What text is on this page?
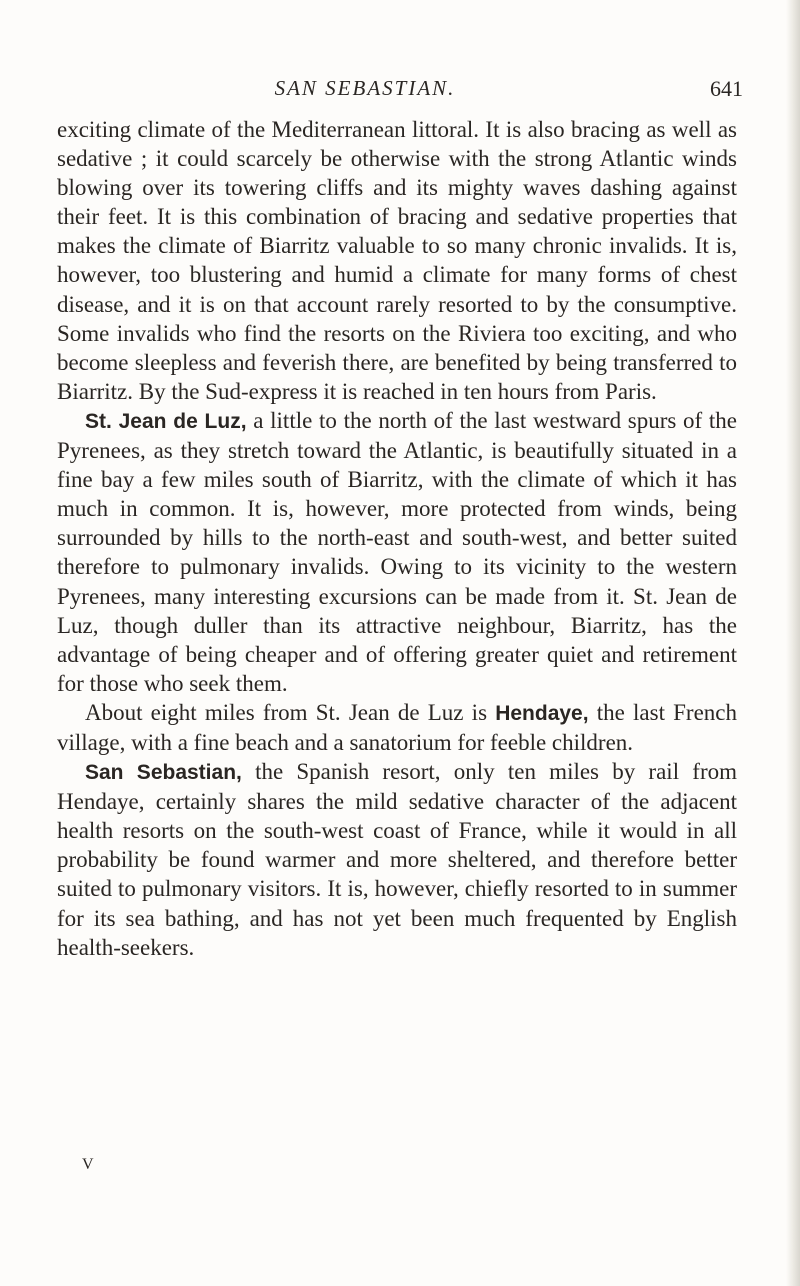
SAN SEBASTIAN.	641

exciting climate of the Mediterranean littoral. It is also bracing as well as sedative ; it could scarcely be otherwise with the strong Atlantic winds blowing over its towering cliffs and its mighty waves dashing against their feet. It is this combination of bracing and sedative properties that makes the climate of Biarritz valuable to so many chronic invalids. It is, however, too blustering and humid a climate for many forms of chest disease, and it is on that account rarely resorted to by the consumptive. Some invalids who find the resorts on the Riviera too exciting, and who become sleepless and feverish there, are benefited by being transferred to Biarritz. By the Sud-express it is reached in ten hours from Paris.

St. Jean de Luz, a little to the north of the last westward spurs of the Pyrenees, as they stretch toward the Atlantic, is beautifully situated in a fine bay a few miles south of Biarritz, with the climate of which it has much in common. It is, however, more protected from winds, being surrounded by hills to the north-east and south-west, and better suited therefore to pulmonary invalids. Owing to its vicinity to the western Pyrenees, many interesting excursions can be made from it. St. Jean de Luz, though duller than its attractive neighbour, Biarritz, has the advantage of being cheaper and of offering greater quiet and retirement for those who seek them.

About eight miles from St. Jean de Luz is Hendaye, the last French village, with a fine beach and a sanatorium for feeble children.

San Sebastian, the Spanish resort, only ten miles by rail from Hendaye, certainly shares the mild sedative character of the adjacent health resorts on the south-west coast of France, while it would in all probability be found warmer and more sheltered, and therefore better suited to pulmonary visitors. It is, however, chiefly resorted to in summer for its sea bathing, and has not yet been much frequented by English health-seekers.

V
